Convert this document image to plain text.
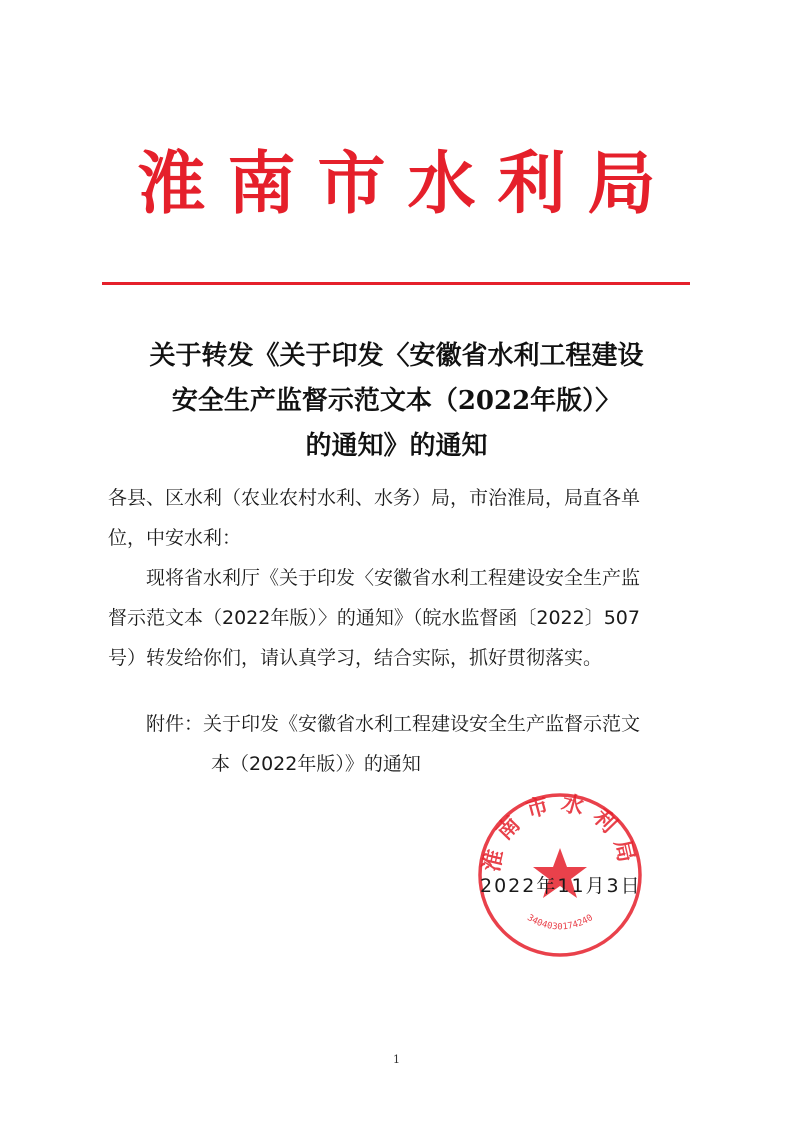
淮南市水利局
关于转发《关于印发〈安徽省水利工程建设
安全生产监督示范文本（2022年版）〉
的通知》的通知
各县、区水利（农业农村水利、水务）局，市治淮局，局直各单
位，中安水利：
现将省水利厅《关于印发〈安徽省水利工程建设安全生产监
督示范文本（2022年版）〉的通知》（皖水监督函〔2022〕507
号）转发给你们，请认真学习，结合实际，抓好贯彻落实。
附件：关于印发《安徽省水利工程建设安全生产监督示范文
本（2022年版）》的通知
淮南市水利局
3404030174240
2022年11月3日
1
